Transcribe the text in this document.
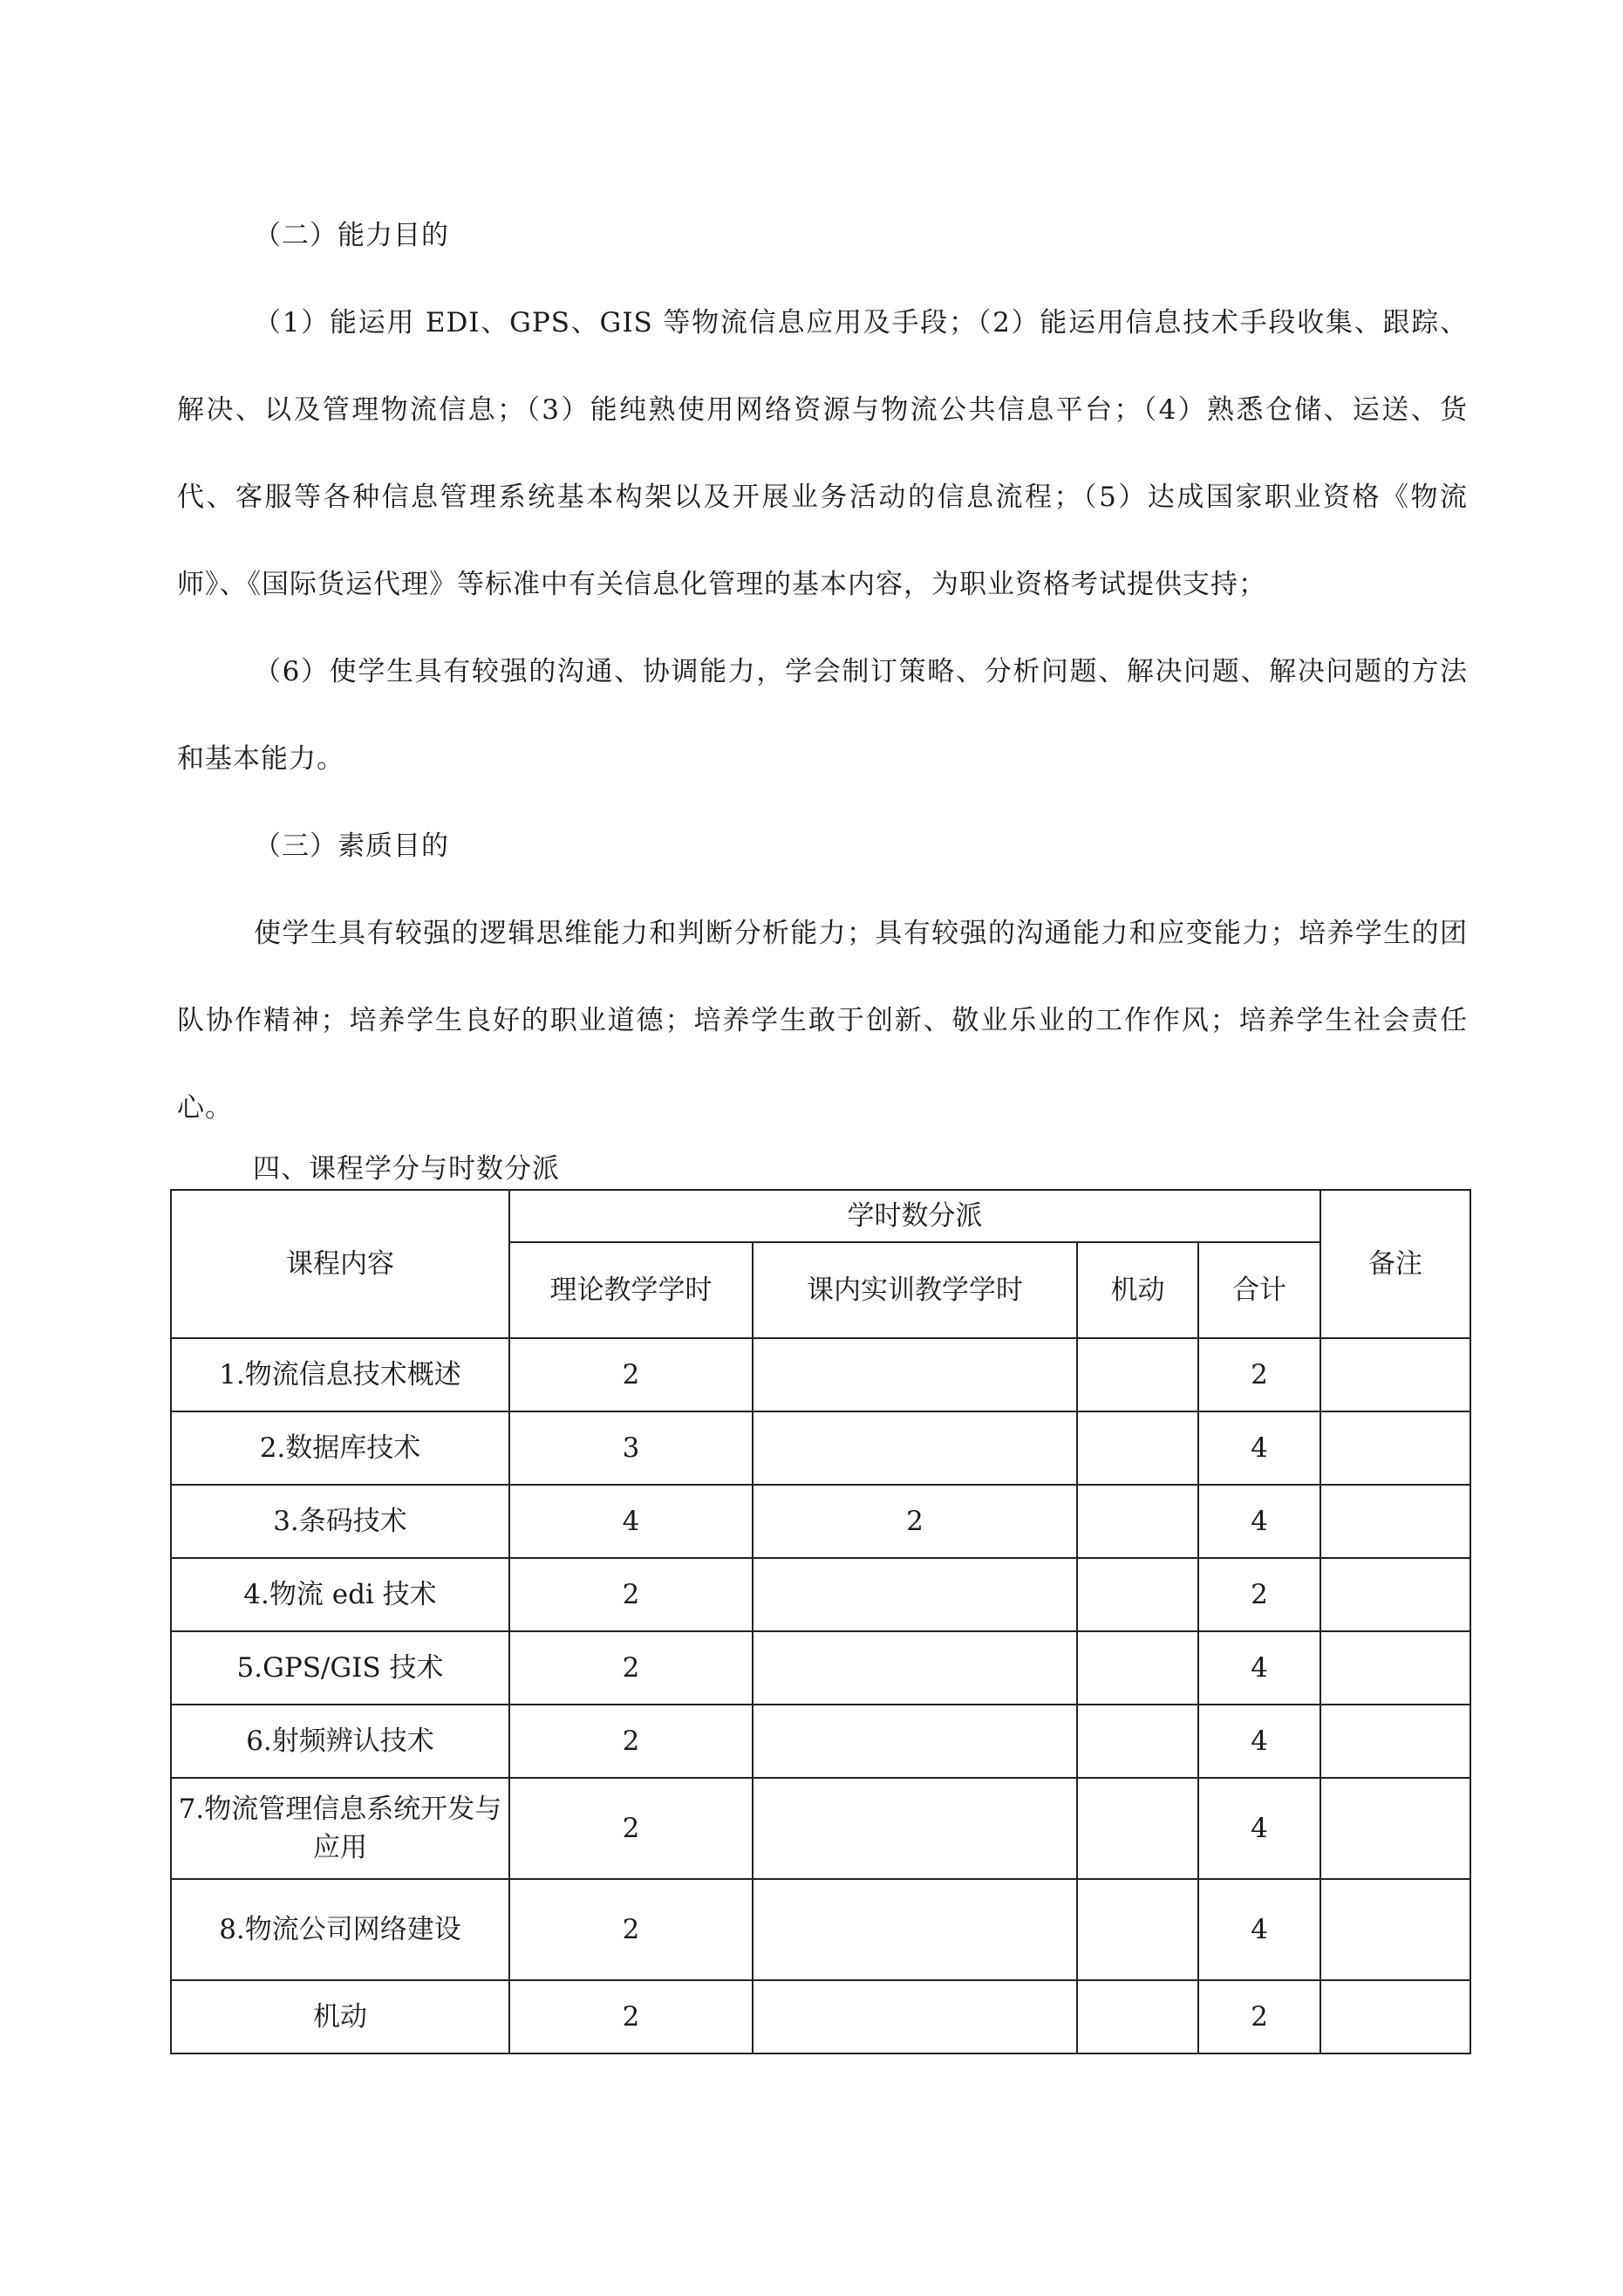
（二）能力目的

（1）能运用 EDI、GPS、GIS 等物流信息应用及手段；（2）能运用信息技术手段收集、跟踪、解决、以及管理物流信息；（3）能纯熟使用网络资源与物流公共信息平台；（4）熟悉仓储、运送、货代、客服等各种信息管理系统基本构架以及开展业务活动的信息流程；（5）达成国家职业资格《物流师》、《国际货运代理》等标准中有关信息化管理的基本内容，为职业资格考试提供支持；

（6）使学生具有较强的沟通、协调能力，学会制订策略、分析问题、解决问题、解决问题的方法和基本能力。

（三）素质目的

使学生具有较强的逻辑思维能力和判断分析能力；具有较强的沟通能力和应变能力；培养学生的团队协作精神；培养学生良好的职业道德；培养学生敢于创新、敬业乐业的工作作风；培养学生社会责任心。

四、课程学分与时数分派
课程内容	学时数分派				备注
	理论教学学时	课内实训教学学时	机动	合计	
1.物流信息技术概述	2			2	
2.数据库技术	3			4	
3.条码技术	4	2		4	
4.物流 edi 技术	2			2	
5.GPS/GIS 技术	2			4	
6.射频辨认技术	2			4	
7.物流管理信息系统开发与应用	2			4	
8.物流公司网络建设	2			4	
机动	2			2	
